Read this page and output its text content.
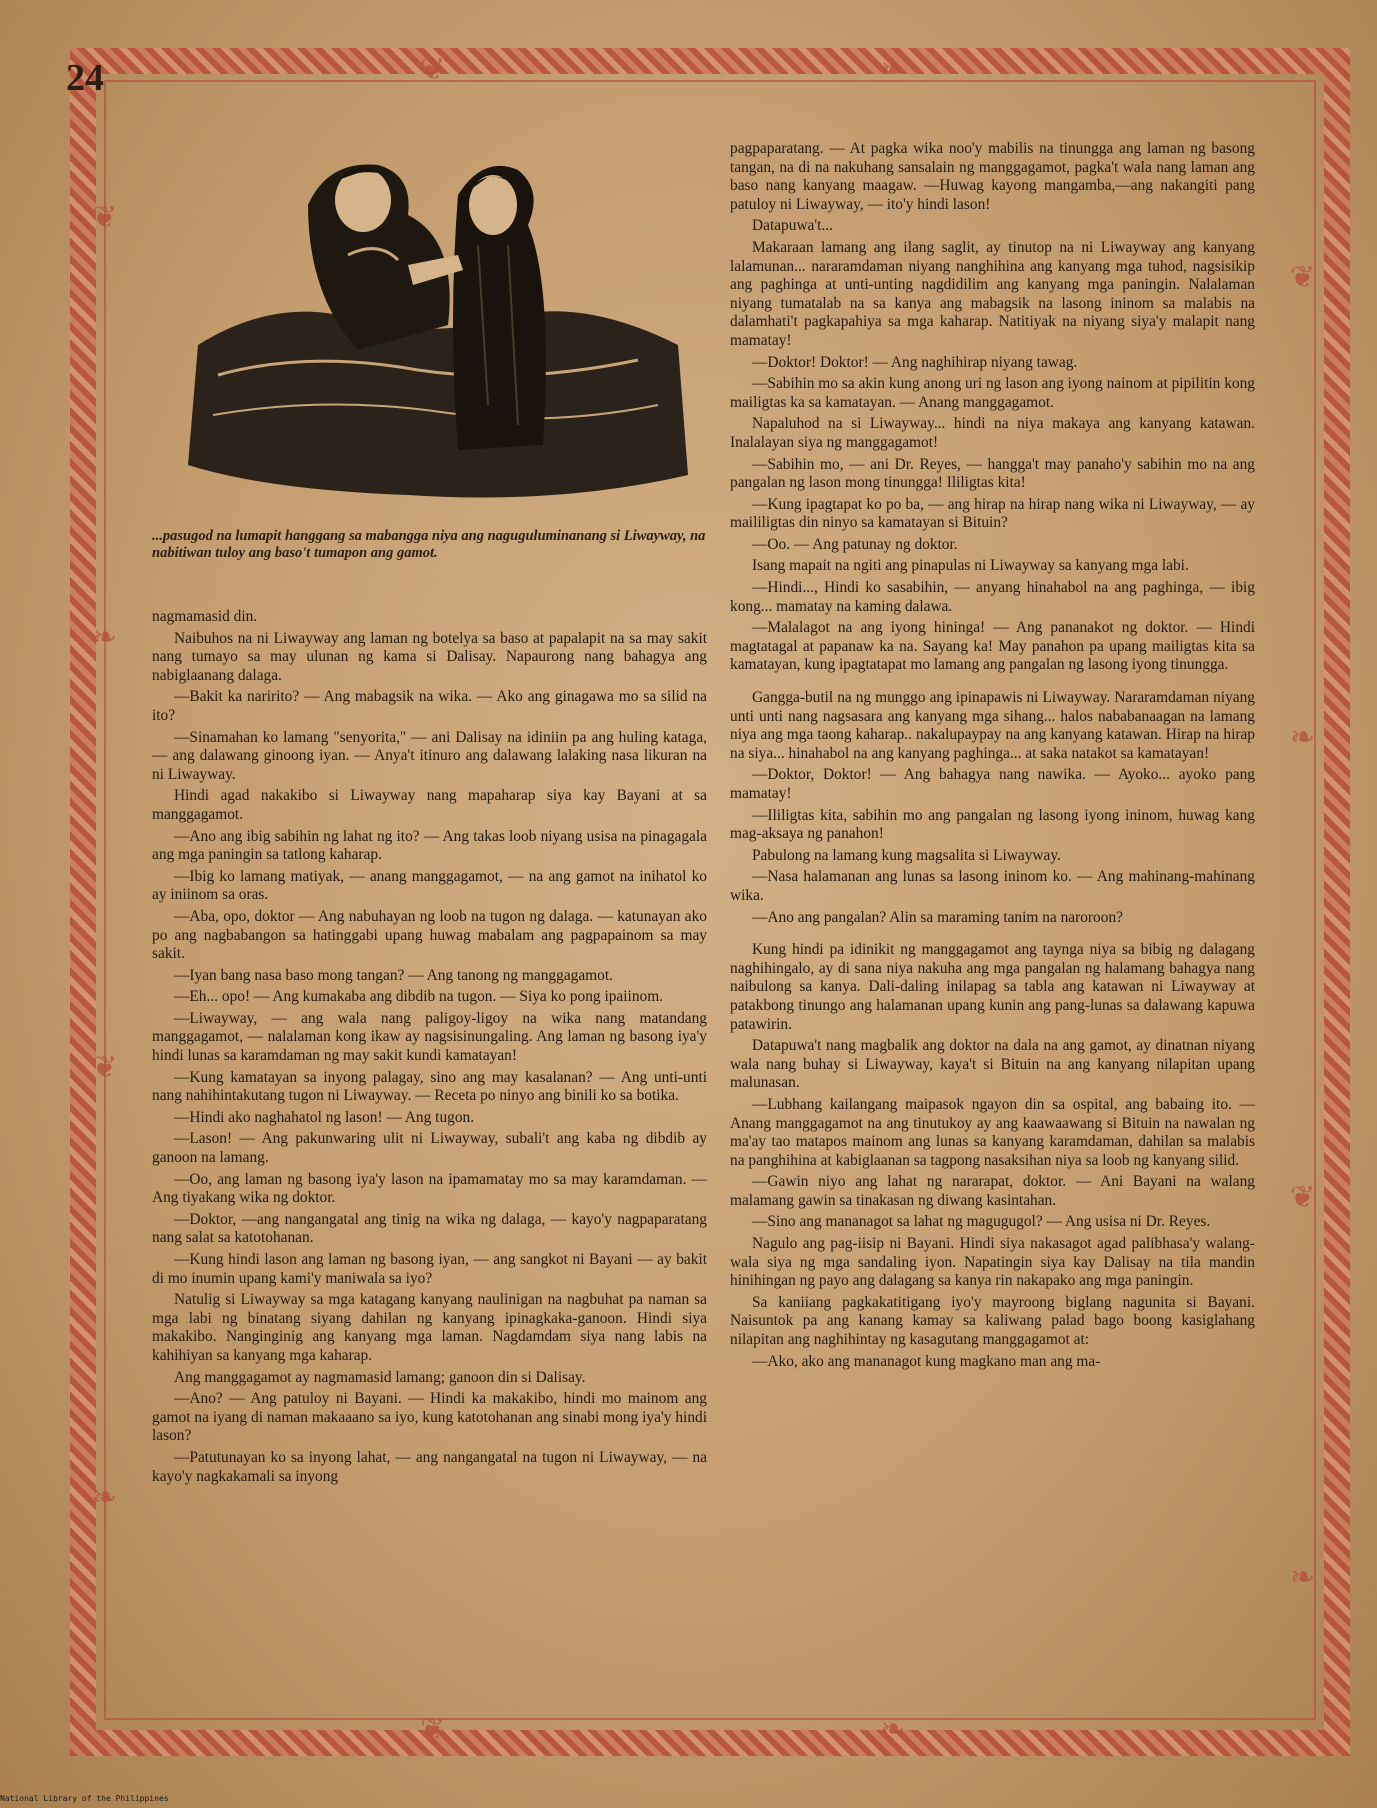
❦
❧
❦
❧
❦
❧
❦
❧
❦	❧
❦	❧
24
...pasugod na lumapit hanggang sa mabangga niya ang naguguluminanang si Liwayway, na nabitiwan tuloy ang baso't tumapon ang gamot.

nagmamasid din.

Naibuhos na ni Liwayway ang laman ng botelya sa baso at papalapit na sa may sakit nang tumayo sa may ulunan ng kama si Dalisay. Napaurong nang bahagya ang nabiglaanang dalaga.

—Bakit ka naririto? — Ang mabagsik na wika. — Ako ang ginagawa mo sa silid na ito?

—Sinamahan ko lamang "senyorita," — ani Dalisay na idiniin pa ang huling kataga, — ang dalawang ginoong iyan. — Anya't itinuro ang dalawang lalaking nasa likuran na ni Liwayway.

Hindi agad nakakibo si Liwayway nang mapaharap siya kay Bayani at sa manggagamot.

—Ano ang ibig sabihin ng lahat ng ito? — Ang takas loob niyang usisa na pinagagala ang mga paningin sa tatlong kaharap.

—Ibig ko lamang matiyak, — anang manggagamot, — na ang gamot na inihatol ko ay iniinom sa oras.

—Aba, opo, doktor — Ang nabuhayan ng loob na tugon ng dalaga. — katunayan ako po ang nagbabangon sa hatinggabi upang huwag mabalam ang pagpapainom sa may sakit.

—Iyan bang nasa baso mong tangan? — Ang tanong ng manggagamot.

—Eh... opo! — Ang kumakaba ang dibdib na tugon. — Siya ko pong ipaiinom.

—Liwayway, — ang wala nang paligoy-ligoy na wika nang matandang manggagamot, — nalalaman kong ikaw ay nagsisinungaling. Ang laman ng basong iya'y hindi lunas sa karamdaman ng may sakit kundi kamatayan!

—Kung kamatayan sa inyong palagay, sino ang may kasalanan? — Ang unti-unti nang nahihintakutang tugon ni Liwayway. — Receta po ninyo ang binili ko sa botika.

—Hindi ako naghahatol ng lason! — Ang tugon.

—Lason! — Ang pakunwaring ulit ni Liwayway, subali't ang kaba ng dibdib ay ganoon na lamang.

—Oo, ang laman ng basong iya'y lason na ipamamatay mo sa may karamdaman. — Ang tiyakang wika ng doktor.

—Doktor, —ang nangangatal ang tinig na wika ng dalaga, — kayo'y nagpaparatang nang salat sa katotohanan.

—Kung hindi lason ang laman ng basong iyan, — ang sangkot ni Bayani — ay bakit di mo inumin upang kami'y maniwala sa iyo?

Natulig si Liwayway sa mga katagang kanyang naulinigan na nagbuhat pa naman sa mga labi ng binatang siyang dahilan ng kanyang ipinagkaka-ganoon. Hindi siya makakibo. Nanginginig ang kanyang mga laman. Nagdamdam siya nang labis na kahihiyan sa kanyang mga kaharap.

Ang manggagamot ay nagmamasid lamang; ganoon din si Dalisay.

—Ano? — Ang patuloy ni Bayani. — Hindi ka makakibo, hindi mo mainom ang gamot na iyang di naman makaaano sa iyo, kung katotohanan ang sinabi mong iya'y hindi lason?

—Patutunayan ko sa inyong lahat, — ang nangangatal na tugon ni Liwayway, — na kayo'y nagkakamali sa inyong

pagpaparatang. — At pagka wika noo'y mabilis na tinungga ang laman ng basong tangan, na di na nakuhang sansalain ng manggagamot, pagka't wala nang laman ang baso nang kanyang maagaw. —Huwag kayong mangamba,—ang nakangiti pang patuloy ni Liwayway, — ito'y hindi lason!

Datapuwa't...

Makaraan lamang ang ilang saglit, ay tinutop na ni Liwayway ang kanyang lalamunan... nararamdaman niyang nanghihina ang kanyang mga tuhod, nagsisikip ang paghinga at unti-unting nagdidilim ang kanyang mga paningin. Nalalaman niyang tumatalab na sa kanya ang mabagsik na lasong ininom sa malabis na dalamhati't pagkapahiya sa mga kaharap. Natitiyak na niyang siya'y malapit nang mamatay!

—Doktor! Doktor! — Ang naghihirap niyang tawag.

—Sabihin mo sa akin kung anong uri ng lason ang iyong nainom at pipilitin kong mailigtas ka sa kamatayan. — Anang manggagamot.

Napaluhod na si Liwayway... hindi na niya makaya ang kanyang katawan. Inalalayan siya ng manggagamot!

—Sabihin mo, — ani Dr. Reyes, — hangga't may panaho'y sabihin mo na ang pangalan ng lason mong tinungga! Ililigtas kita!

—Kung ipagtapat ko po ba, — ang hirap na hirap nang wika ni Liwayway, — ay maililigtas din ninyo sa kamatayan si Bituin?

—Oo. — Ang patunay ng doktor.

Isang mapait na ngiti ang pinapulas ni Liwayway sa kanyang mga labi.

—Hindi..., Hindi ko sasabihin, — anyang hinahabol na ang paghinga, — ibig kong... mamatay na kaming dalawa.

—Malalagot na ang iyong hininga! — Ang pananakot ng doktor. — Hindi magtatagal at papanaw ka na. Sayang ka! May panahon pa upang mailigtas kita sa kamatayan, kung ipagtatapat mo lamang ang pangalan ng lasong iyong tinungga.

Gangga-butil na ng munggo ang ipinapawis ni Liwayway. Nararamdaman niyang unti unti nang nagsasara ang kanyang mga sihang... halos nababanaagan na lamang niya ang mga taong kaharap.. nakalupaypay na ang kanyang katawan. Hirap na hirap na siya... hinahabol na ang kanyang paghinga... at saka natakot sa kamatayan!

—Doktor, Doktor! — Ang bahagya nang nawika. — Ayoko... ayoko pang mamatay!

—Ililigtas kita, sabihin mo ang pangalan ng lasong iyong ininom, huwag kang mag-aksaya ng panahon!

Pabulong na lamang kung magsalita si Liwayway.

—Nasa halamanan ang lunas sa lasong ininom ko. — Ang mahinang-mahinang wika.

—Ano ang pangalan? Alin sa maraming tanim na naroroon?

Kung hindi pa idinikit ng manggagamot ang taynga niya sa bibig ng dalagang naghihingalo, ay di sana niya nakuha ang mga pangalan ng halamang bahagya nang naibulong sa kanya. Dali-daling inilapag sa tabla ang katawan ni Liwayway at patakbong tinungo ang halamanan upang kunin ang pang-lunas sa dalawang kapuwa patawirin.

Datapuwa't nang magbalik ang doktor na dala na ang gamot, ay dinatnan niyang wala nang buhay si Liwayway, kaya't si Bituin na ang kanyang nilapitan upang malunasan.

—Lubhang kailangang maipasok ngayon din sa ospital, ang babaing ito. — Anang manggagamot na ang tinutukoy ay ang kaawaawang si Bituin na nawalan ng ma'ay tao matapos mainom ang lunas sa kanyang karamdaman, dahilan sa malabis na panghihina at kabiglaanan sa tagpong nasaksihan niya sa loob ng kanyang silid.

—Gawin niyo ang lahat ng nararapat, doktor. — Ani Bayani na walang malamang gawin sa tinakasan ng diwang kasintahan.

—Sino ang mananagot sa lahat ng magugugol? — Ang usisa ni Dr. Reyes.

Nagulo ang pag-iisip ni Bayani. Hindi siya nakasagot agad palibhasa'y walang-wala siya ng mga sandaling iyon. Napatingin siya kay Dalisay na tila mandin hinihingan ng payo ang dalagang sa kanya rin nakapako ang mga paningin.

Sa kaniiang pagkakatitigang iyo'y mayroong biglang nagunita si Bayani. Naisuntok pa ang kanang kamay sa kaliwang palad bago boong kasiglahang nilapitan ang naghihintay ng kasagutang manggagamot at:

—Ako, ako ang mananagot kung magkano man ang ma-

National Library of the Philippines
